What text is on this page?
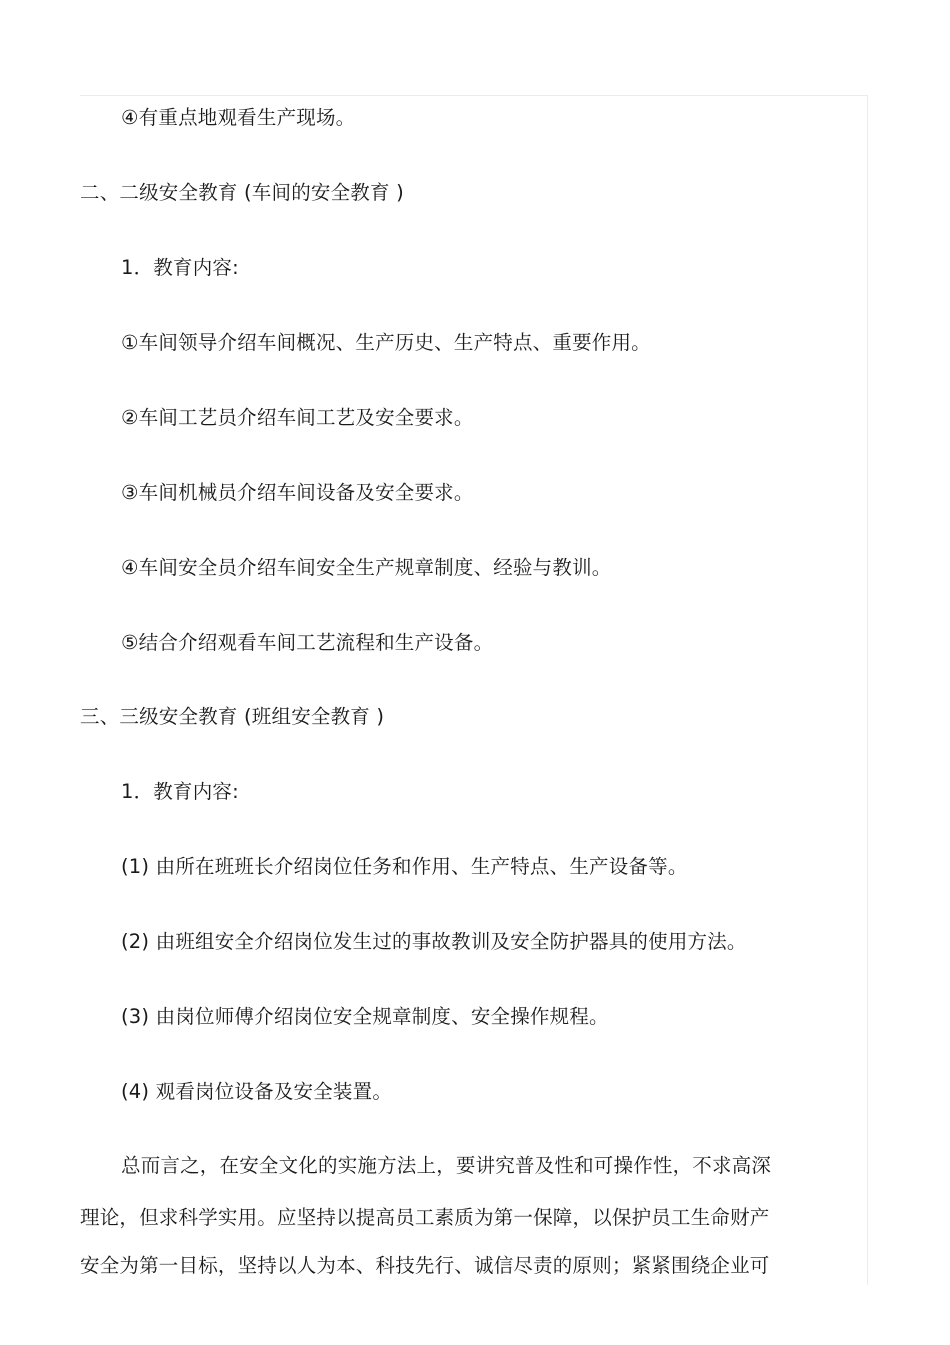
④有重点地观看生产现场。
二、二级安全教育 (车间的安全教育 )
1．教育内容:
①车间领导介绍车间概况、生产历史、生产特点、重要作用。
②车间工艺员介绍车间工艺及安全要求。
③车间机械员介绍车间设备及安全要求。
④车间安全员介绍车间安全生产规章制度、经验与教训。
⑤结合介绍观看车间工艺流程和生产设备。
三、三级安全教育 (班组安全教育 )
1．教育内容:
(1) 由所在班班长介绍岗位任务和作用、生产特点、生产设备等。
(2) 由班组安全介绍岗位发生过的事故教训及安全防护器具的使用方法。
(3) 由岗位师傅介绍岗位安全规章制度、安全操作规程。
(4) 观看岗位设备及安全装置。
总而言之，在安全文化的实施方法上，要讲究普及性和可操作性，不求高深
理论，但求科学实用。应坚持以提高员工素质为第一保障，以保护员工生命财产
安全为第一目标，坚持以人为本、科技先行、诚信尽责的原则；紧紧围绕企业可
